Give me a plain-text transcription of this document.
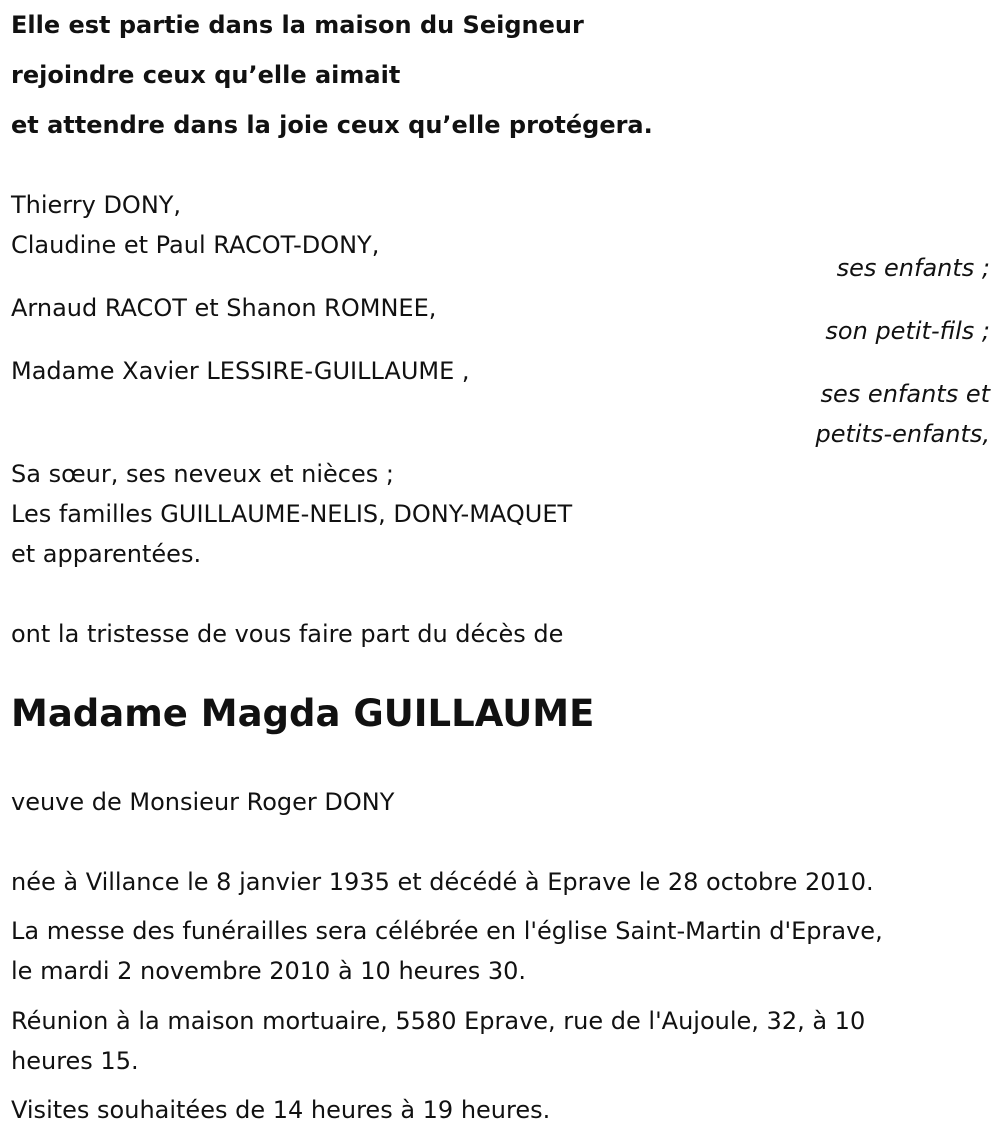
Elle est partie dans la maison du Seigneur

rejoindre ceux qu’elle aimait

et attendre dans la joie ceux qu’elle protégera.

Thierry DONY,

Claudine et Paul RACOT-DONY,

ses enfants ;

Arnaud RACOT et Shanon ROMNEE,

son petit-fils ;

Madame Xavier LESSIRE-GUILLAUME ,

ses enfants et

petits-enfants,

Sa sœur, ses neveux et nièces ;

Les familles GUILLAUME-NELIS, DONY-MAQUET

et apparentées.

ont la tristesse de vous faire part du décès de

Madame Magda GUILLAUME

veuve de Monsieur Roger DONY

née à Villance le 8 janvier 1935 et décédé à Eprave le 28 octobre 2010.

La messe des funérailles sera célébrée en l'église Saint-Martin d'Eprave,

le mardi 2 novembre 2010 à 10 heures 30.

Réunion à la maison mortuaire, 5580 Eprave, rue de l'Aujoule, 32, à 10

heures 15.

Visites souhaitées de 14 heures à 19 heures.
